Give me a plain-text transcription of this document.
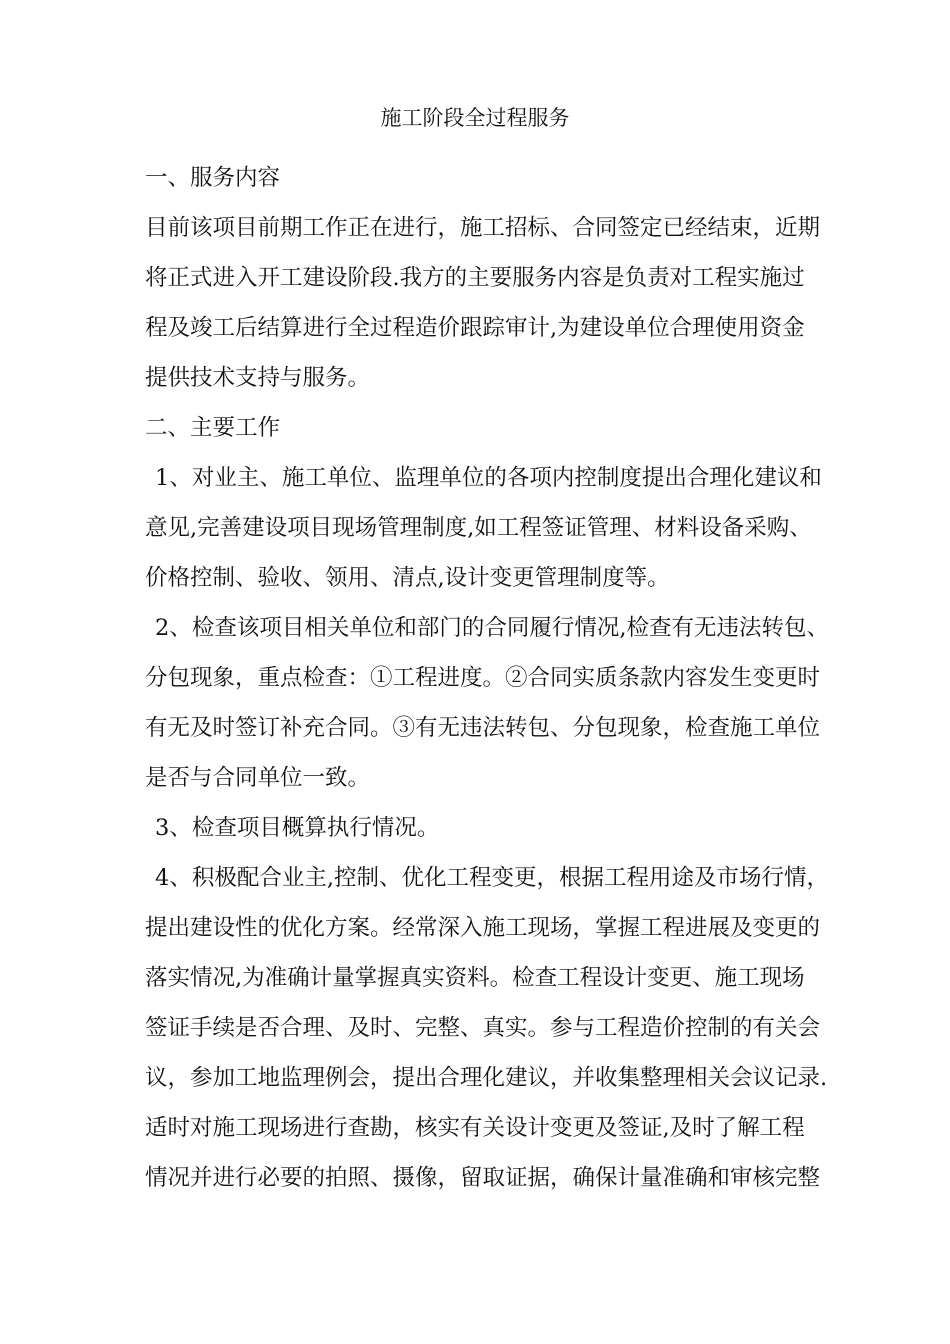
施工阶段全过程服务
一、服务内容
目前该项目前期工作正在进行，施工招标、合同签定已经结束，近期
将正式进入开工建设阶段.我方的主要服务内容是负责对工程实施过
程及竣工后结算进行全过程造价跟踪审计,为建设单位合理使用资金
提供技术支持与服务。
二、主要工作
1、对业主、施工单位、监理单位的各项内控制度提出合理化建议和
意见,完善建设项目现场管理制度,如工程签证管理、材料设备采购、
价格控制、验收、领用、清点,设计变更管理制度等。
2、检查该项目相关单位和部门的合同履行情况,检查有无违法转包、
分包现象，重点检查：①工程进度。②合同实质条款内容发生变更时
有无及时签订补充合同。③有无违法转包、分包现象，检查施工单位
是否与合同单位一致。
3、检查项目概算执行情况。
4、积极配合业主,控制、优化工程变更，根据工程用途及市场行情，
提出建设性的优化方案。经常深入施工现场，掌握工程进展及变更的
落实情况,为准确计量掌握真实资料。检查工程设计变更、施工现场
签证手续是否合理、及时、完整、真实。参与工程造价控制的有关会
议，参加工地监理例会，提出合理化建议，并收集整理相关会议记录.
适时对施工现场进行查勘，核实有关设计变更及签证,及时了解工程
情况并进行必要的拍照、摄像，留取证据，确保计量准确和审核完整
